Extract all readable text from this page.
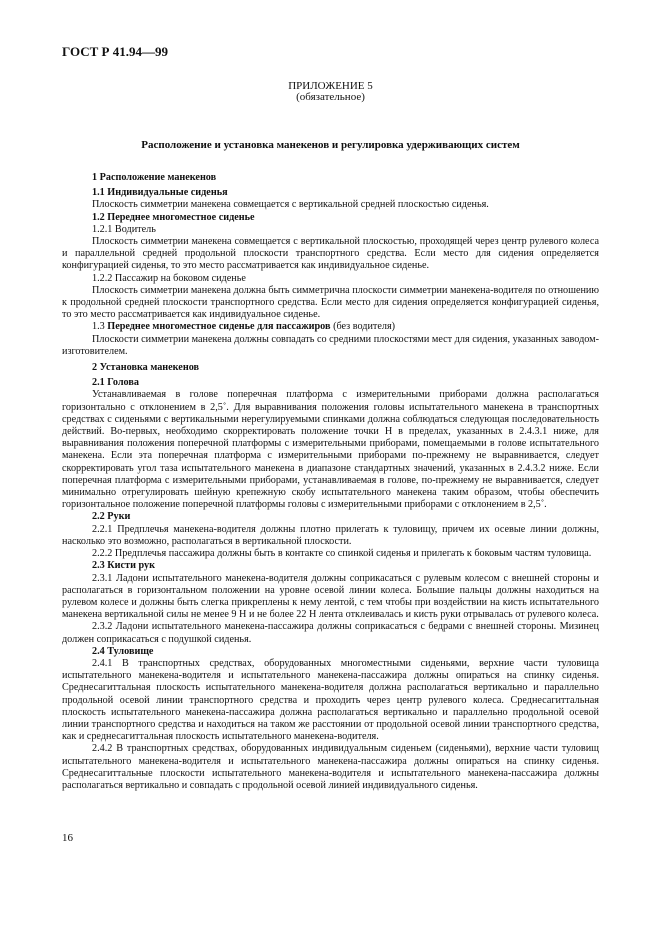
ГОСТ Р 41.94—99
ПРИЛОЖЕНИЕ 5
(обязательное)
Расположение и установка манекенов и регулировка удерживающих систем

1 Расположение манекенов

1.1 Индивидуальные сиденья

Плоскость симметрии манекена совмещается с вертикальной средней плоскостью сиденья.

1.2 Переднее многоместное сиденье

1.2.1 Водитель

Плоскость симметрии манекена совмещается с вертикальной плоскостью, проходящей через центр рулевого колеса и параллельной средней продольной плоскости транспортного средства. Если место для сидения определяется конфигурацией сиденья, то это место рассматривается как индивидуальное сиденье.

1.2.2 Пассажир на боковом сиденье

Плоскость симметрии манекена должна быть симметрична плоскости симметрии манекена-водителя по отношению к продольной средней плоскости транспортного средства. Если место для сидения определяется конфигурацией сиденья, то это место рассматривается как индивидуальное сиденье.

1.3 Переднее многоместное сиденье для пассажиров (без водителя)

Плоскости симметрии манекена должны совпадать со средними плоскостями мест для сидения, указанных заводом-изготовителем.

2 Установка манекенов

2.1 Голова

Устанавливаемая в голове поперечная платформа с измерительными приборами должна располагаться горизонтально с отклонением в 2,5˚. Для выравнивания положения головы испытательного манекена в транспортных средствах с сиденьями с вертикальными нерегулируемыми спинками должна соблюдаться следующая последовательность действий. Во-первых, необходимо скорректировать положение точки Н в пределах, указанных в 2.4.3.1 ниже, для выравнивания положения поперечной платформы с измерительными приборами, помещаемыми в голове испытательного манекена. Если эта поперечная платформа с измерительными приборами по-прежнему не выравнивается, следует скорректировать угол таза испытательного манекена в диапазоне стандартных значений, указанных в 2.4.3.2 ниже. Если поперечная платформа с измерительными приборами, устанавливаемая в голове, по-прежнему не выравнивается, следует минимально отрегулировать шейную крепежную скобу испытательного манекена таким образом, чтобы обеспечить горизонтальное положение поперечной платформы головы с измерительными приборами с отклонением в 2,5˚.

2.2 Руки

2.2.1 Предплечья манекена-водителя должны плотно прилегать к туловищу, причем их осевые линии должны, насколько это возможно, располагаться в вертикальной плоскости.

2.2.2 Предплечья пассажира должны быть в контакте со спинкой сиденья и прилегать к боковым частям туловища.

2.3 Кисти рук

2.3.1 Ладони испытательного манекена-водителя должны соприкасаться с рулевым колесом с внешней стороны и располагаться в горизонтальном положении на уровне осевой линии колеса. Большие пальцы должны находиться на рулевом колесе и должны быть слегка прикреплены к нему лентой, с тем чтобы при воздействии на кисть испытательного манекена вертикальной силы не менее 9 Н и не более 22 Н лента отклеивалась и кисть руки отрывалась от рулевого колеса.

2.3.2 Ладони испытательного манекена-пассажира должны соприкасаться с бедрами с внешней стороны. Мизинец должен соприкасаться с подушкой сиденья.

2.4 Туловище

2.4.1 В транспортных средствах, оборудованных многоместными сиденьями, верхние части туловища испытательного манекена-водителя и испытательного манекена-пассажира должны опираться на спинку сиденья. Среднесагиттальная плоскость испытательного манекена-водителя должна располагаться вертикально и параллельно продольной осевой линии транспортного средства и проходить через центр рулевого колеса. Среднесагиттальная плоскость испытательного манекена-пассажира должна располагаться вертикально и параллельно продольной осевой линии транспортного средства и находиться на таком же расстоянии от продольной осевой линии транспортного средства, как и среднесагиттальная плоскость испытательного манекена-водителя.

2.4.2 В транспортных средствах, оборудованных индивидуальным сиденьем (сиденьями), верхние части туловищ испытательного манекена-водителя и испытательного манекена-пассажира должны опираться на спинку сиденья. Среднесагиттальные плоскости испытательного манекена-водителя и испытательного манекена-пассажира должны располагаться вертикально и совпадать с продольной осевой линией индивидуального сиденья.

16
